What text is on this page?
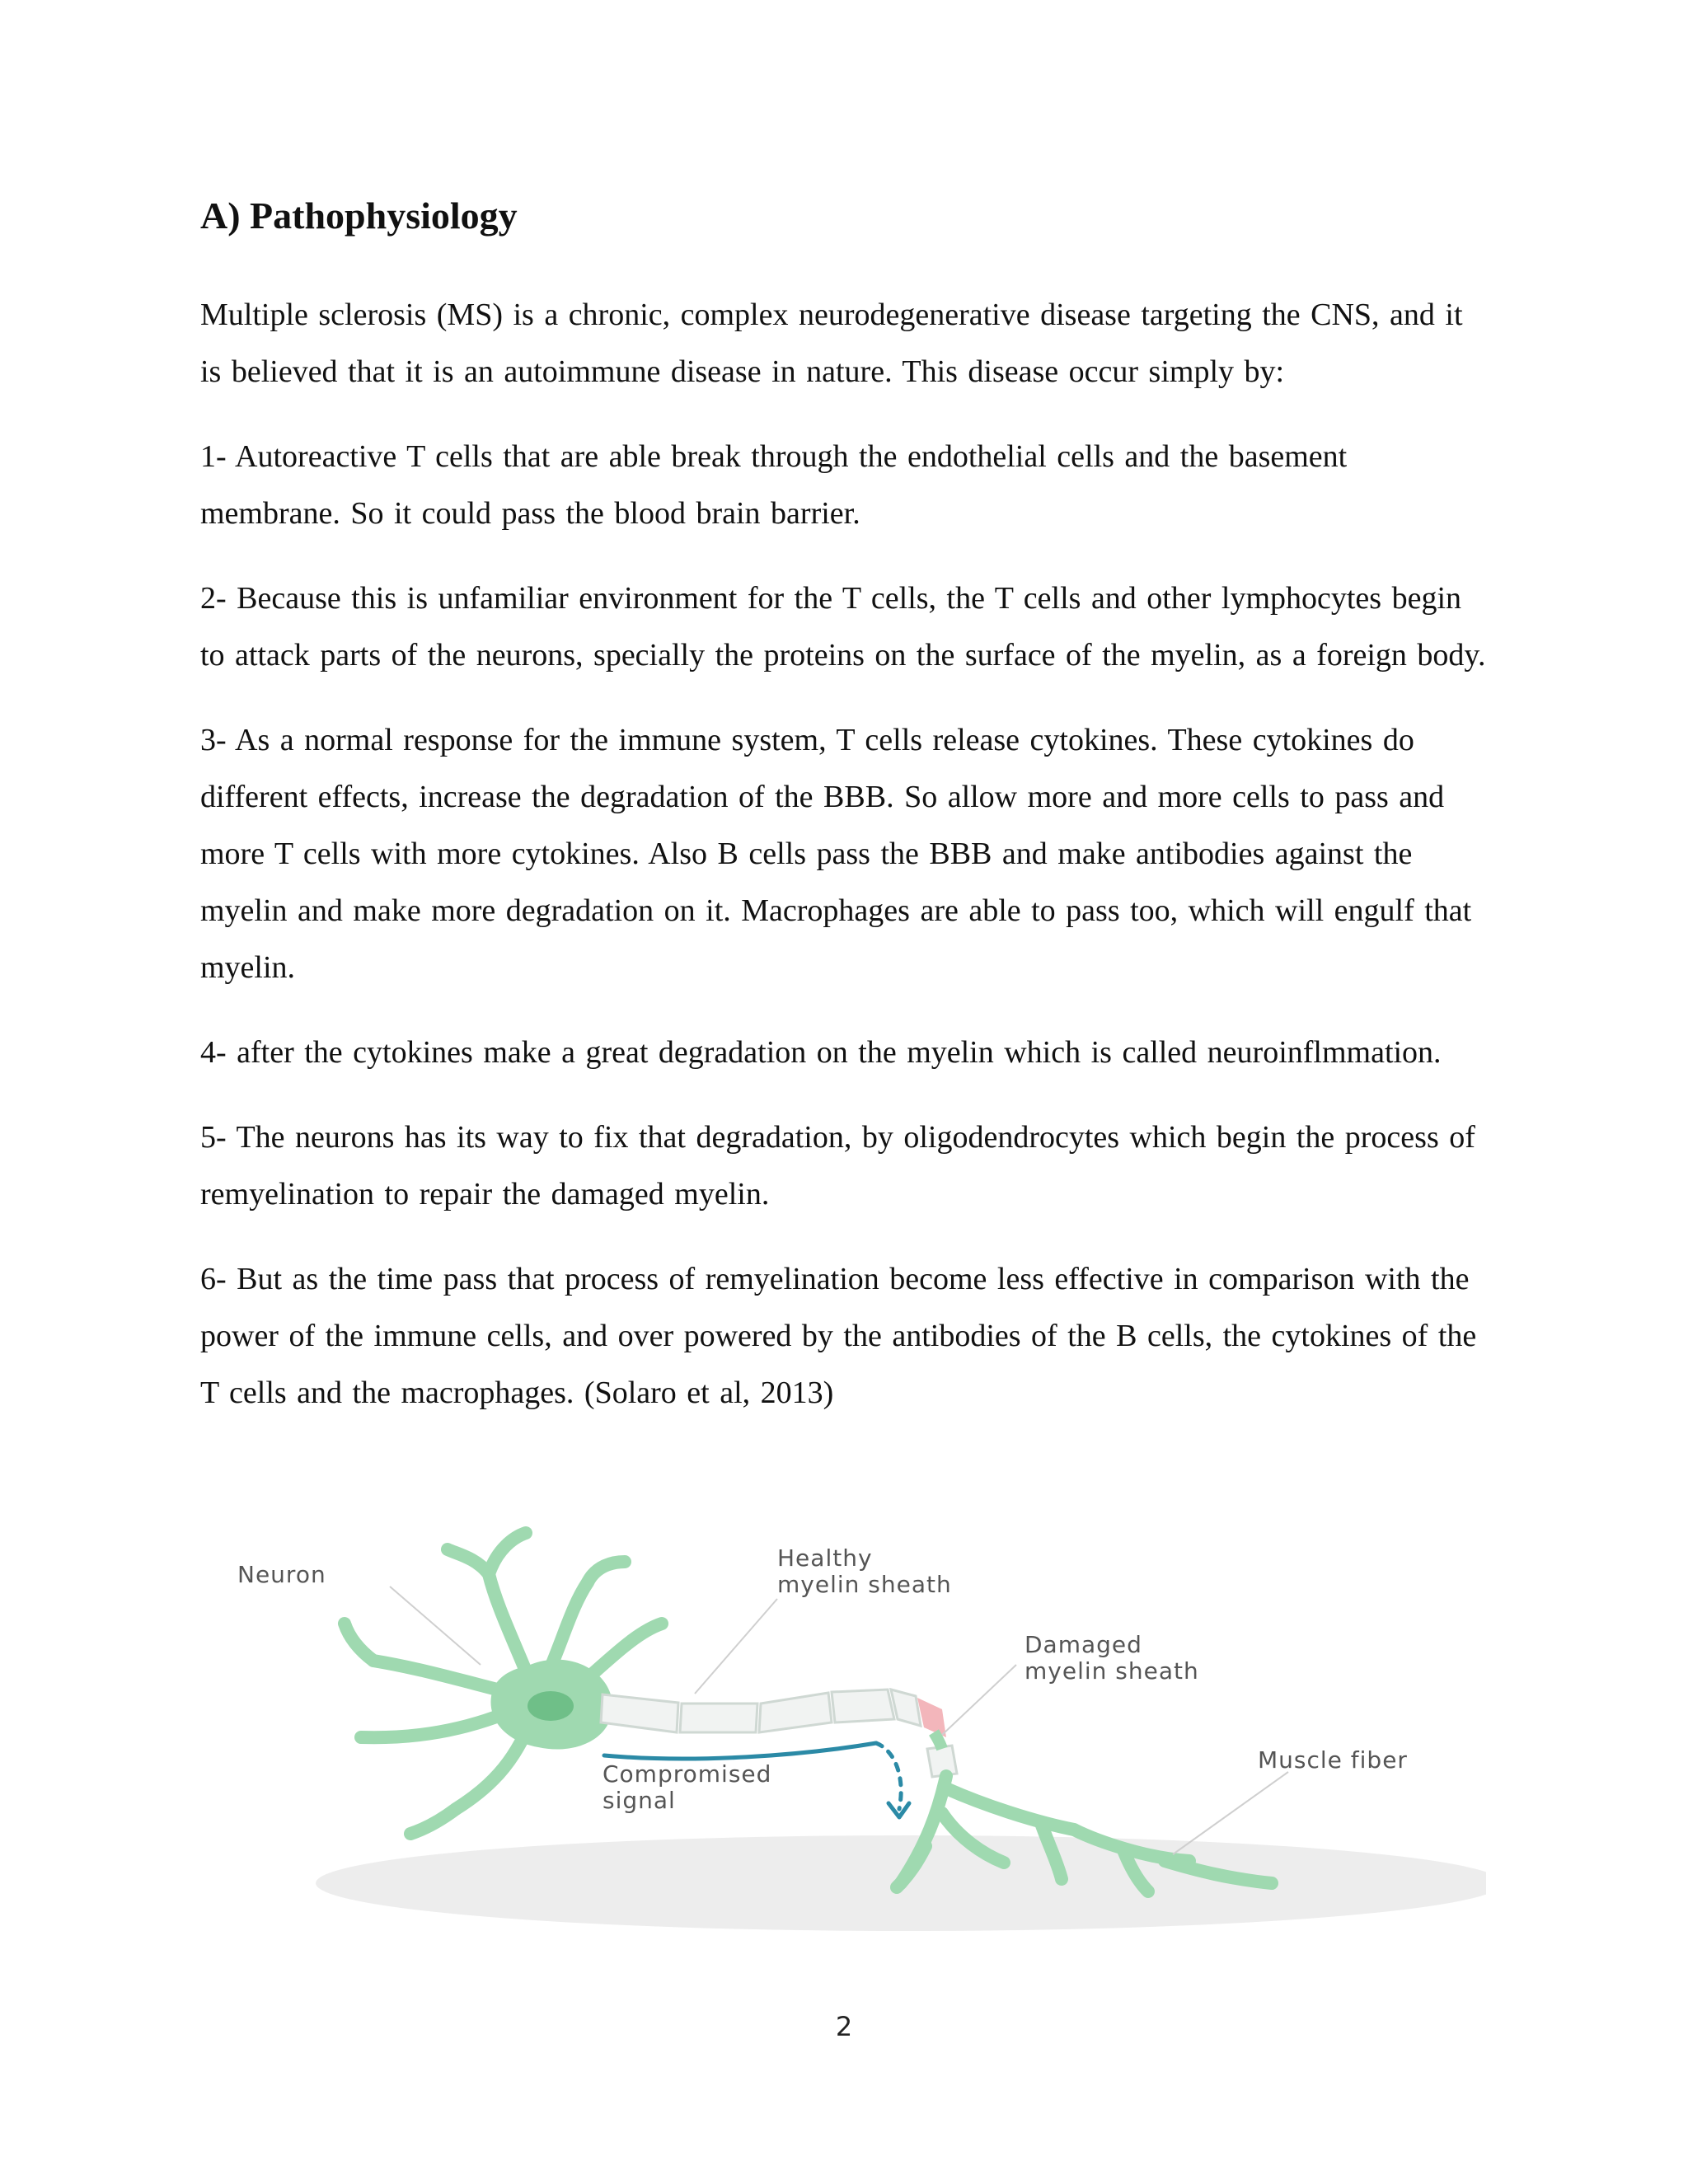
A) Pathophysiology

Multiple sclerosis (MS) is a chronic, complex neurodegenerative disease targeting the CNS, and it is believed that it is an autoimmune disease in nature. This disease occur simply by:

1- Autoreactive T cells that are able break through the endothelial cells and the basement membrane. So it could pass the blood brain barrier.

2- Because this is unfamiliar environment for the T cells, the T cells and other lymphocytes begin to attack parts of the neurons, specially the proteins on the surface of the myelin, as a foreign body.

3- As a normal response for the immune system, T cells release cytokines. These cytokines do different effects, increase the degradation of the BBB. So allow more and more cells to pass and more T cells with more cytokines. Also B cells pass the BBB and make antibodies against the myelin and make more degradation on it. Macrophages are able to pass too, which will engulf that myelin.

4- after the cytokines make a great degradation on the myelin which is called neuroinflmmation.

5- The neurons has its way to fix that degradation, by oligodendrocytes which begin the process of remyelination to repair the damaged myelin.

6- But as the time pass that process of remyelination become less effective in comparison with the power of the immune cells, and over powered by the antibodies of the B cells, the cytokines of the T cells and the macrophages. (Solaro et al, 2013)

Neuron
Healthy
myelin sheath
Damaged
myelin sheath
Muscle fiber
Compromised
signal
2
